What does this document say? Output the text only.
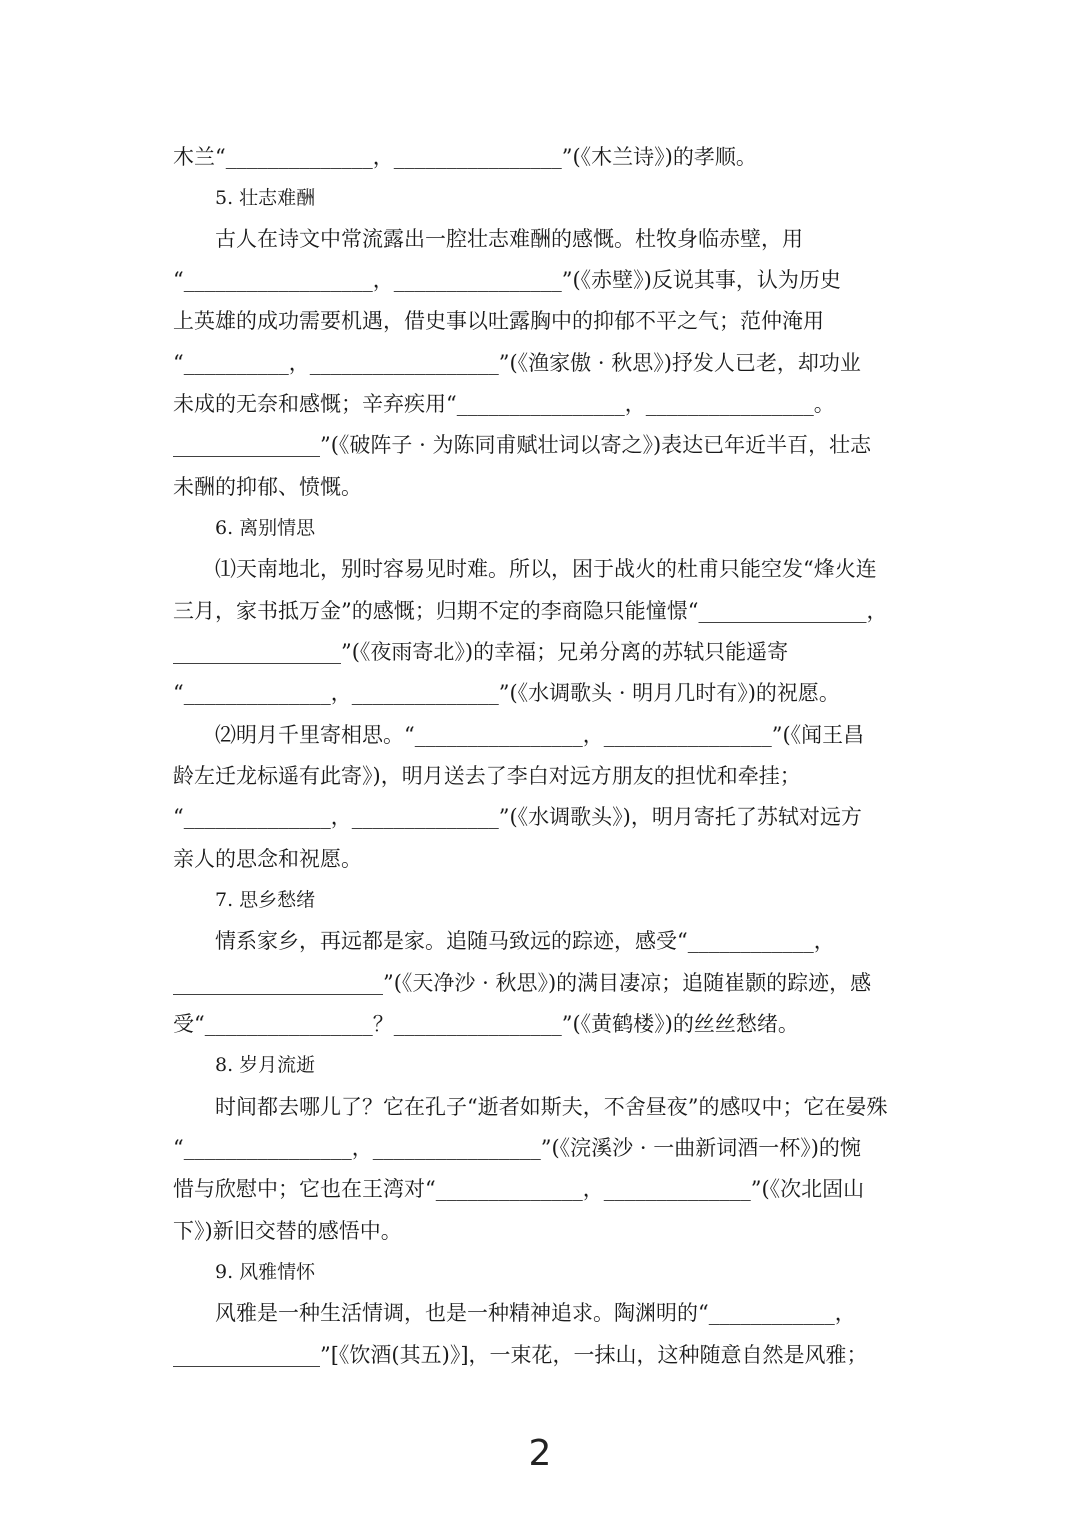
木兰“______________，________________”(《木兰诗》)的孝顺。
5. 壮志难酬
古人在诗文中常流露出一腔壮志难酬的感慨。杜牧身临赤壁，用
“__________________，________________”(《赤壁》)反说其事，认为历史
上英雄的成功需要机遇，借史事以吐露胸中的抑郁不平之气；范仲淹用
“__________，__________________”(《渔家傲 · 秋思》)抒发人已老，却功业
未成的无奈和感慨；辛弃疾用“________________，________________。
______________”(《破阵子 · 为陈同甫赋壮词以寄之》)表达已年近半百，壮志
未酬的抑郁、愤慨。
6. 离别情思
⑴天南地北，别时容易见时难。所以，困于战火的杜甫只能空发“烽火连
三月，家书抵万金”的感慨；归期不定的李商隐只能憧憬“________________，
________________”(《夜雨寄北》)的幸福；兄弟分离的苏轼只能遥寄
“______________，______________”(《水调歌头 · 明月几时有》)的祝愿。
⑵明月千里寄相思。“________________，________________”(《闻王昌
龄左迁龙标遥有此寄》)，明月送去了李白对远方朋友的担忧和牵挂；
“______________，______________”(《水调歌头》)，明月寄托了苏轼对远方
亲人的思念和祝愿。
7. 思乡愁绪
情系家乡，再远都是家。追随马致远的踪迹，感受“____________，
____________________”(《天净沙 · 秋思》)的满目凄凉；追随崔颢的踪迹，感
受“________________？________________”(《黄鹤楼》)的丝丝愁绪。
8. 岁月流逝
时间都去哪儿了？它在孔子“逝者如斯夫，不舍昼夜”的感叹中；它在晏殊
“________________，________________”(《浣溪沙 · 一曲新词酒一杯》)的惋
惜与欣慰中；它也在王湾对“______________，______________”(《次北固山
下》)新旧交替的感悟中。
9. 风雅情怀
风雅是一种生活情调，也是一种精神追求。陶渊明的“____________，
______________”[《饮酒(其五)》]，一束花，一抹山，这种随意自然是风雅；
2
